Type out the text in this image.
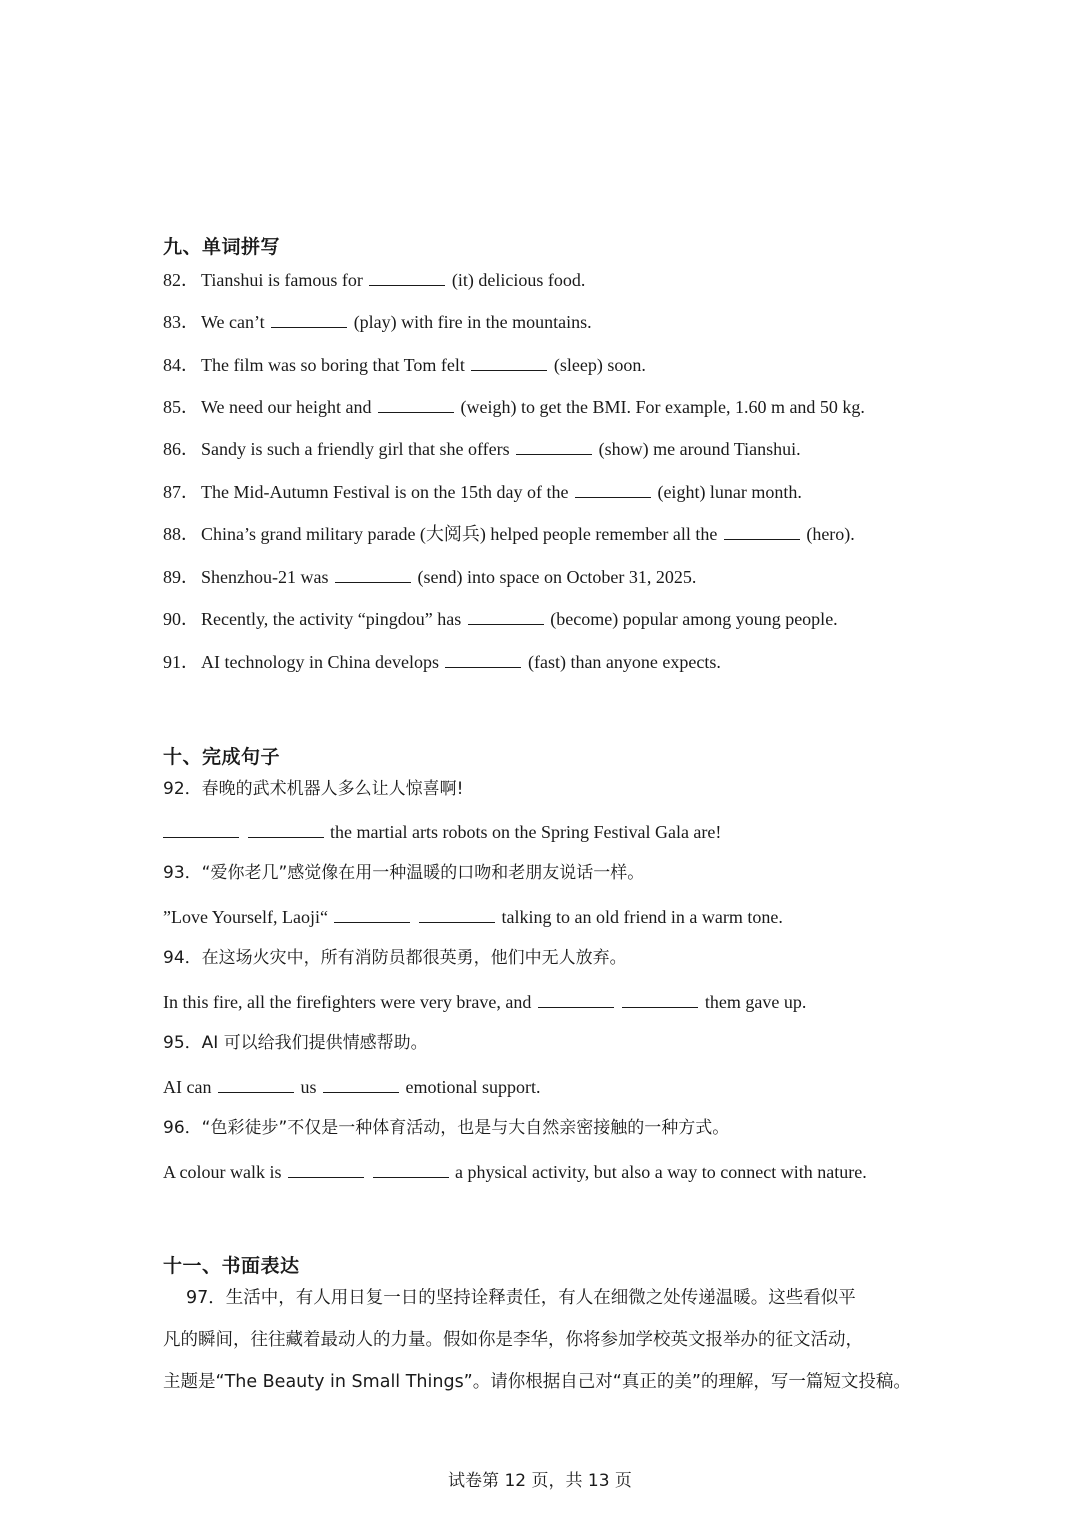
九、单词拼写
82． Tianshui is famous for	(it) delicious food.
83． We can’t	(play) with fire in the mountains.
84． The film was so boring that Tom felt	(sleep) soon.
85． We need our height and	(weigh) to get the BMI. For example, 1.60 m and 50 kg.
86． Sandy is such a friendly girl that she offers	(show) me around Tianshui.
87． The Mid-Autumn Festival is on the 15th day of the	(eight) lunar month.
88． China’s grand military parade (大阅兵) helped people remember all the	(hero).
89． Shenzhou-21 was	(send) into space on October 31, 2025.
90． Recently, the activity “pingdou” has	(become) popular among young people.
91． AI technology in China develops	(fast) than anyone expects.
十、完成句子
92．春晚的武术机器人多么让人惊喜啊!
the martial arts robots on the Spring Festival Gala are!
93．“爱你老几”感觉像在用一种温暖的口吻和老朋友说话一样。
”Love Yourself, Laoji“	talking to an old friend in a warm tone.
94．在这场火灾中，所有消防员都很英勇，他们中无人放弃。
In this fire, all the firefighters were very brave, and	them gave up.
95．AI 可以给我们提供情感帮助。
AI can	us	emotional support.
96．“色彩徒步”不仅是一种体育活动，也是与大自然亲密接触的一种方式。
A colour walk is	a physical activity, but also a way to connect with nature.
十一、书面表达
97．生活中，有人用日复一日的坚持诠释责任，有人在细微之处传递温暖。这些看似平
凡的瞬间，往往藏着最动人的力量。假如你是李华，你将参加学校英文报举办的征文活动，
主题是“The Beauty in Small Things”。请你根据自己对“真正的美”的理解，写一篇短文投稿。
试卷第 12 页，共 13 页
